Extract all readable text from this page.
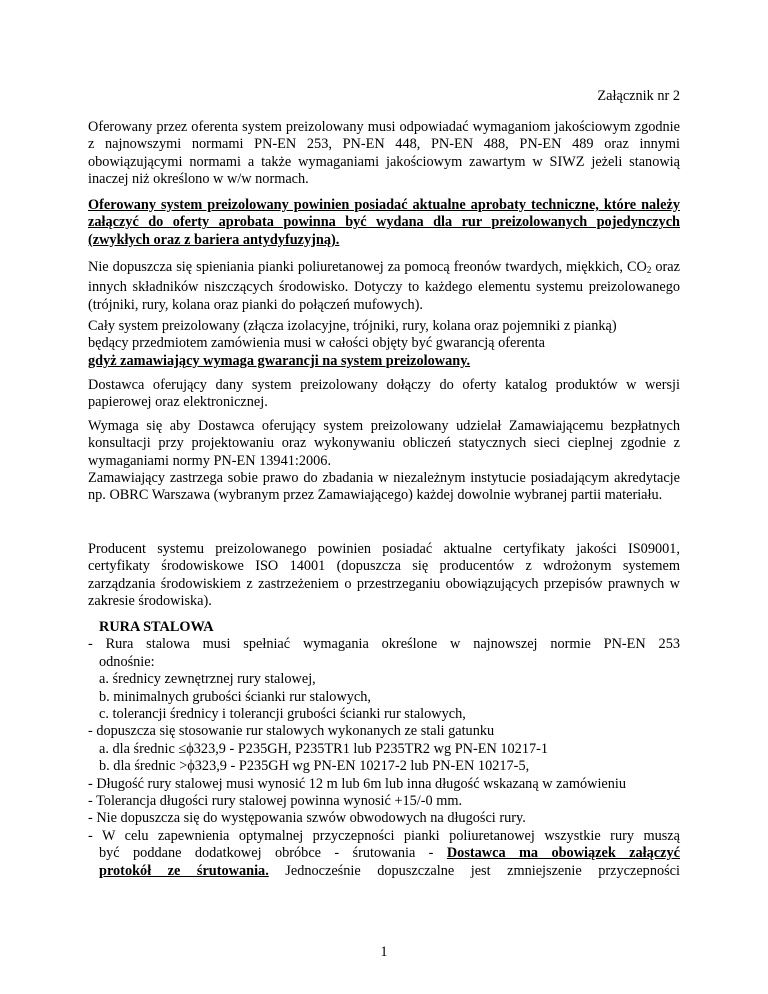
Załącznik nr 2

Oferowany przez oferenta system preizolowany musi odpowiadać wymaganiom jakościowym zgodnie z najnowszymi normami PN-EN 253, PN-EN 448, PN-EN 488, PN-EN 489 oraz innymi obowiązującymi normami a także wymaganiami jakościowym zawartym w SIWZ jeżeli stanowią inaczej niż określono w w/w normach.

Oferowany system preizolowany powinien posiadać aktualne aprobaty techniczne, które należy załączyć do oferty aprobata powinna być wydana dla rur preizolowanych pojedynczych (zwykłych oraz z bariera antydyfuzyjną).

Nie dopuszcza się spieniania pianki poliuretanowej za pomocą freonów twardych, miękkich, $CO_2$ oraz innych składników niszczących środowisko. Dotyczy to każdego elementu systemu preizolowanego (trójniki, rury, kolana oraz pianki do połączeń mufowych).

Cały system preizolowany (złącza izolacyjne, trójniki, rury, kolana oraz pojemniki z pianką)
będący przedmiotem zamówienia musi w całości objęty być gwarancją oferenta
gdyż zamawiający wymaga gwarancji na system preizolowany.

Dostawca oferujący dany system preizolowany dołączy do oferty katalog produktów w wersji papierowej oraz elektronicznej.

Wymaga się aby Dostawca oferujący system preizolowany udzielał Zamawiającemu bezpłatnych konsultacji przy projektowaniu oraz wykonywaniu obliczeń statycznych sieci cieplnej zgodnie z wymaganiami normy PN-EN 13941:2006.

Zamawiający zastrzega sobie prawo do zbadania w niezależnym instytucie posiadającym akredytacje np. OBRC Warszawa (wybranym przez Zamawiającego) każdej dowolnie wybranej partii materiału.

Producent systemu preizolowanego powinien posiadać aktualne certyfikaty jakości IS09001, certyfikaty środowiskowe ISO 14001 (dopuszcza się producentów z wdrożonym systemem zarządzania środowiskiem z zastrzeżeniem o przestrzeganiu obowiązujących przepisów prawnych w zakresie środowiska).

RURA STALOWA
- Rura stalowa musi spełniać wymagania określone w najnowszej normie PN-EN 253
odnośnie:
a. średnicy zewnętrznej rury stalowej,
b. minimalnych grubości ścianki rur stalowych,
c. tolerancji średnicy i tolerancji grubości ścianki rur stalowych,
- dopuszcza się stosowanie rur stalowych wykonanych ze stali gatunku
a. dla średnic ≤ϕ323,9 - P235GH, P235TR1 lub P235TR2 wg PN-EN 10217-1
b. dla średnic >ϕ323,9 - P235GH wg PN-EN 10217-2 lub PN-EN 10217-5,
- Długość rury stalowej musi wynosić 12 m lub 6m lub inna długość wskazaną w zamówieniu
- Tolerancja długości rury stalowej powinna wynosić +15/-0 mm.
- Nie dopuszcza się do występowania szwów obwodowych na długości rury.
- W celu zapewnienia optymalnej przyczepności pianki poliuretanowej wszystkie rury muszą
być poddane dodatkowej obróbce - śrutowania - Dostawca ma obowiązek załączyć
protokół ze śrutowania. Jednocześnie dopuszczalne jest zmniejszenie przyczepności
1
